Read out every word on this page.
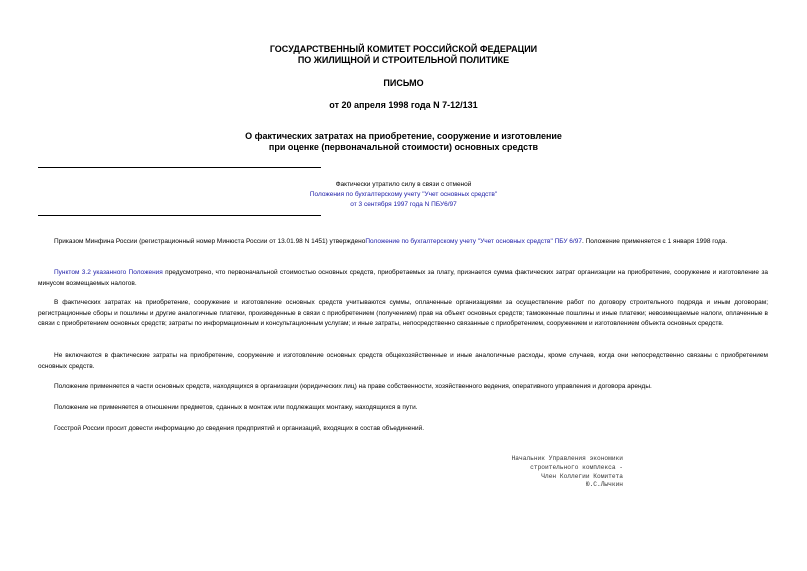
ГОСУДАРСТВЕННЫЙ КОМИТЕТ РОССИЙСКОЙ ФЕДЕРАЦИИ
ПО ЖИЛИЩНОЙ И СТРОИТЕЛЬНОЙ ПОЛИТИКЕ
ПИСЬМО
от 20 апреля 1998 года N 7-12/131
О фактических затратах на приобретение, сооружение и изготовление
при оценке (первоначальной стоимости) основных средств
Фактически утратило силу в связи с отменой
Положения по бухгалтерскому учету "Учет основных средств"
от 3 сентября 1997 года N ПБУ6/97

Приказом Минфина России (регистрационный номер Минюста России от 13.01.98 N 1451) утвержденоПоложение по бухгалтерскому учету "Учет основных средств" ПБУ 6/97. Положение применяется с 1 января 1998 года.

Пунктом 3.2 указанного Положения предусмотрено, что первоначальной стоимостью основных средств, приобретаемых за плату, признается сумма фактических затрат организации на приобретение, сооружение и изготовление за минусом возмещаемых налогов.

В фактических затратах на приобретение, сооружение и изготовление основных средств учитываются суммы, оплаченные организациями за осуществление работ по договору строительного подряда и иным договорам; регистрационные сборы и пошлины и другие аналогичные платежи, произведенные в связи с приобретением (получением) прав на объект основных средств; таможенные пошлины и иные платежи; невозмещаемые налоги, оплаченные в связи с приобретением основных средств; затраты по информационным и консультационным услугам; и иные затраты, непосредственно связанные с приобретением, сооружением и изготовлением объекта основных средств.

Не включаются в фактические затраты на приобретение, сооружение и изготовление основных средств общехозяйственные и иные аналогичные расходы, кроме случаев, когда они непосредственно связаны с приобретением основных средств.

Положение применяется в части основных средств, находящихся в организации (юридических лиц) на праве собственности, хозяйственного ведения, оперативного управления и договора аренды.

Положение не применяется в отношении предметов, сданных в монтаж или подлежащих монтажу, находящихся в пути.

Госстрой России просит довести информацию до сведения предприятий и организаций, входящих в состав объединений.

Начальник Управления экономики
строительного комплекса -
Член Коллегии Комитета
Ю.С.Лычкин
